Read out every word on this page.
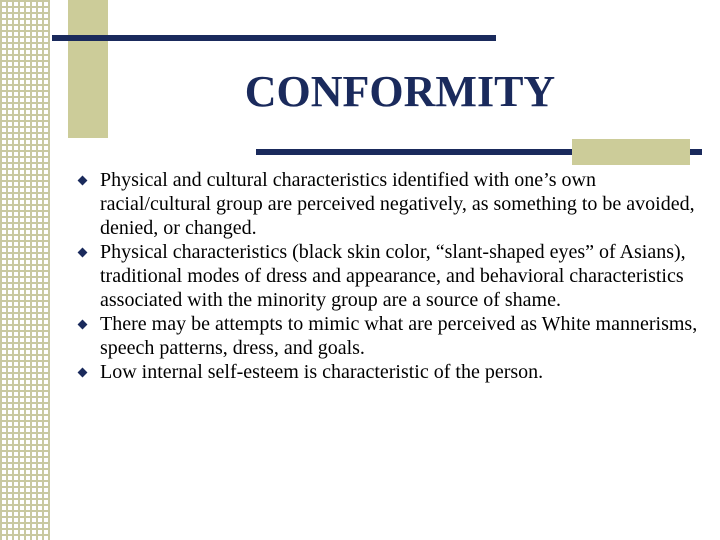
CONFORMITY
Physical and cultural characteristics identified with one’s own racial/cultural group are perceived negatively, as something to be avoided, denied, or changed.
Physical characteristics (black skin color, “slant-shaped eyes” of Asians), traditional modes of dress and appearance, and behavioral characteristics associated with the minority group are a source of shame.
There may be attempts to mimic what are perceived as White mannerisms, speech patterns, dress, and goals.
Low internal self-esteem is characteristic of the person.
